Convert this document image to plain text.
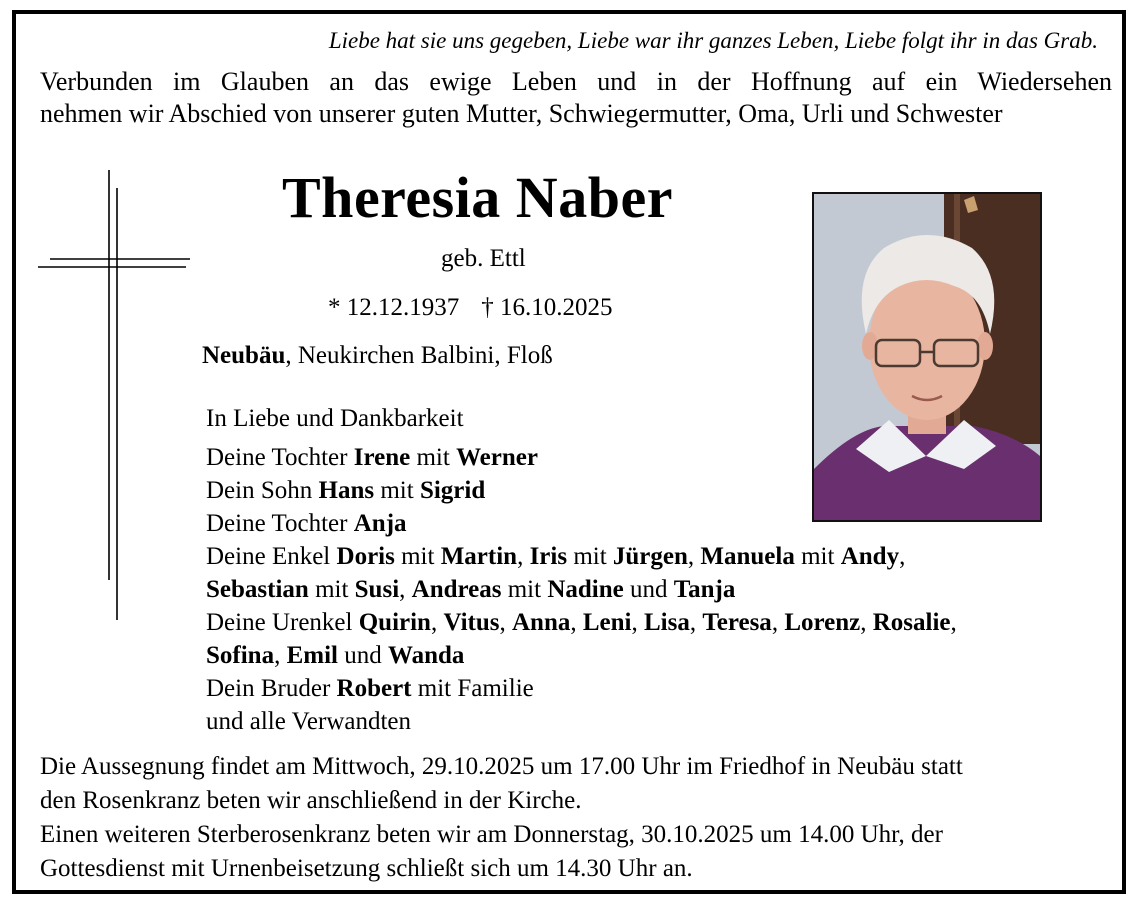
Liebe hat sie uns gegeben, Liebe war ihr ganzes Leben, Liebe folgt ihr in das Grab.
Verbunden im Glauben an das ewige Leben und in der Hoffnung auf ein Wiedersehen
nehmen wir Abschied von unserer guten Mutter, Schwiegermutter, Oma, Urli und Schwester
Theresia Naber
geb. Ettl
* 12.12.1937 † 16.10.2025
Neubäu, Neukirchen Balbini, Floß
In Liebe und Dankbarkeit
Deine Tochter Irene mit Werner
Dein Sohn Hans mit Sigrid
Deine Tochter Anja
Deine Enkel Doris mit Martin, Iris mit Jürgen, Manuela mit Andy,
Sebastian mit Susi, Andreas mit Nadine und Tanja
Deine Urenkel Quirin, Vitus, Anna, Leni, Lisa, Teresa, Lorenz, Rosalie,
Sofina, Emil und Wanda
Dein Bruder Robert mit Familie
und alle Verwandten
Die Aussegnung findet am Mittwoch, 29.10.2025 um 17.00 Uhr im Friedhof in Neubäu statt
den Rosenkranz beten wir anschließend in der Kirche.
Einen weiteren Sterberosenkranz beten wir am Donnerstag, 30.10.2025 um 14.00 Uhr, der
Gottesdienst mit Urnenbeisetzung schließt sich um 14.30 Uhr an.
